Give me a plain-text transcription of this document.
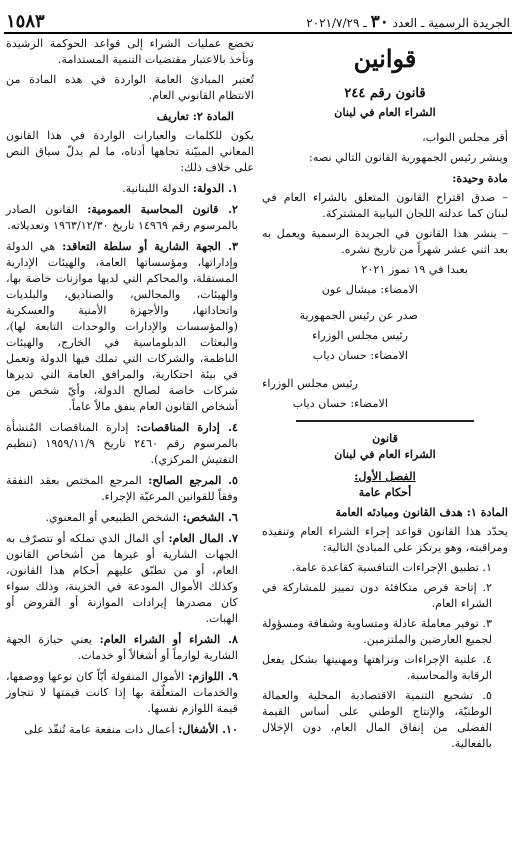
الجريدة الرسمية ـ العدد ٣٠ ـ ٢٠٢١/٧/٢٩
١٥٨٣
قوانين
قانون رقم ٢٤٤
الشراء العام في لبنان

أقر مجلس النواب،

وينشر رئيس الجمهورية القانون التالي نصه:

مادة وحيدة:

– صدق اقتراح القانون المتعلق بالشراء العام في لبنان كما عدلته اللجان النيابية المشتركة.

– ينشر هذا القانون في الجريدة الرسمية ويعمل به بعد اثني عشر شهراً من تاريخ نشره.

بعبدا في ١٩ تموز ٢٠٢١

الامضاء: ميشال عون

صدر عن رئيس الجمهورية

رئيس مجلس الوزراء

الامضاء: حسان دياب

رئيس مجلس الوزراء

الامضاء: حسان دياب

قانون
الشراء العام في لبنان
الفصل الأول:
أحكام عامة

المادة ١: هدف القانون ومبادئه العامة

يحدّد هذا القانون قواعد إجراء الشراء العام وتنفيذه ومراقبته، وهو يرتكز على المبادئ التالية:

١. تطبيق الإجراءات التنافسية كقاعدة عامة.

٢. إتاحة فرص متكافئة دون تمييز للمشاركة في الشراء العام.

٣. توفير معاملة عادلة ومتساوية وشفافة ومسؤولة لجميع العارضين والملتزمين.

٤. علنية الإجراءات ونزاهتها ومهنيتها بشكل يفعل الرقابة والمحاسبة.

٥. تشجيع التنمية الاقتصادية المحلية والعمالة الوطنيّة، والإنتاج الوطني على أساس القيمة الفضلى من إنفاق المال العام، دون الإخلال بالفعالية.

تخضع عمليات الشراء إلى قواعد الحوكمة الرشيدة وتأخذ بالاعتبار مقتضيات التنمية المستدامة.

تُعتبر المبادئ العامة الواردة في هذه المادة من الانتظام القانوني العام.

المادة ٢: تعاريف

يكون للكلمات والعبارات الواردة في هذا القانون المعاني المبيّنة تجاهها أدناه، ما لم يدلّ سياق النص على خلاف ذلك:

١. الدولة: الدولة اللبنانية.

٢. قانون المحاسبة العمومية: القانون الصادر بالمرسوم رقم ١٤٩٦٩ تاريخ ١٩٦٣/١٢/٣٠ وتعديلاته.

٣. الجهة الشارية أو سلطة التعاقد: هي الدولة وإداراتها، ومؤسساتها العامة، والهيئات الإدارية المستقلة، والمحاكم التي لديها موازنات خاصة بها، والهيئات، والمجالس، والصناديق، والبلديات واتحاداتها، والأجهزة الأمنية والعسكرية (والمؤسسات والإدارات والوحدات التابعة لها)، والبعثات الدبلوماسية في الخارج، والهيئات الناظمة، والشركات التي تملك فيها الدولة وتعمل في بيئة احتكارية، والمرافق العامة التي تديرها شركات خاصة لصالح الدولة، وأيّ شخص من أشخاص القانون العام ينفق مالاً عاماً.

٤. إدارة المناقصات: إدارة المناقصات المُنشأة بالمرسوم رقم ٢٤٦٠ تاريخ ١٩٥٩/١١/٩ (تنظيم التفتيش المركزي).

٥. المرجع الصالح: المرجع المختص بعقد النفقة وفقاً للقوانين المرعيّة الإجراء.

٦. الشخص: الشخص الطبيعي أو المعنوي.

٧. المال العام: أي المال الذي تملكه أو تتصرّف به الجهات الشارية أو غيرها من أشخاص القانون العام، أو من تطبّق عليهم أحكام هذا القانون، وكذلك الأموال المودعة في الخزينة، وذلك سواء كان مصدرها إيرادات الموازنة أو القروض أو الهبات.

٨. الشراء أو الشراء العام: يعني حيازة الجهة الشارية لوازماً أو أشغالاً أو خدمات.

٩. اللوازم: الأموال المنقولة أيّاً كان نوعها ووصفها، والخدمات المتعلّقة بها إذا كانت قيمتها لا تتجاوز قيمة اللوازم نفسها.

١٠. الأشغال: أعمال ذات منفعة عامة تُنفّذ على
